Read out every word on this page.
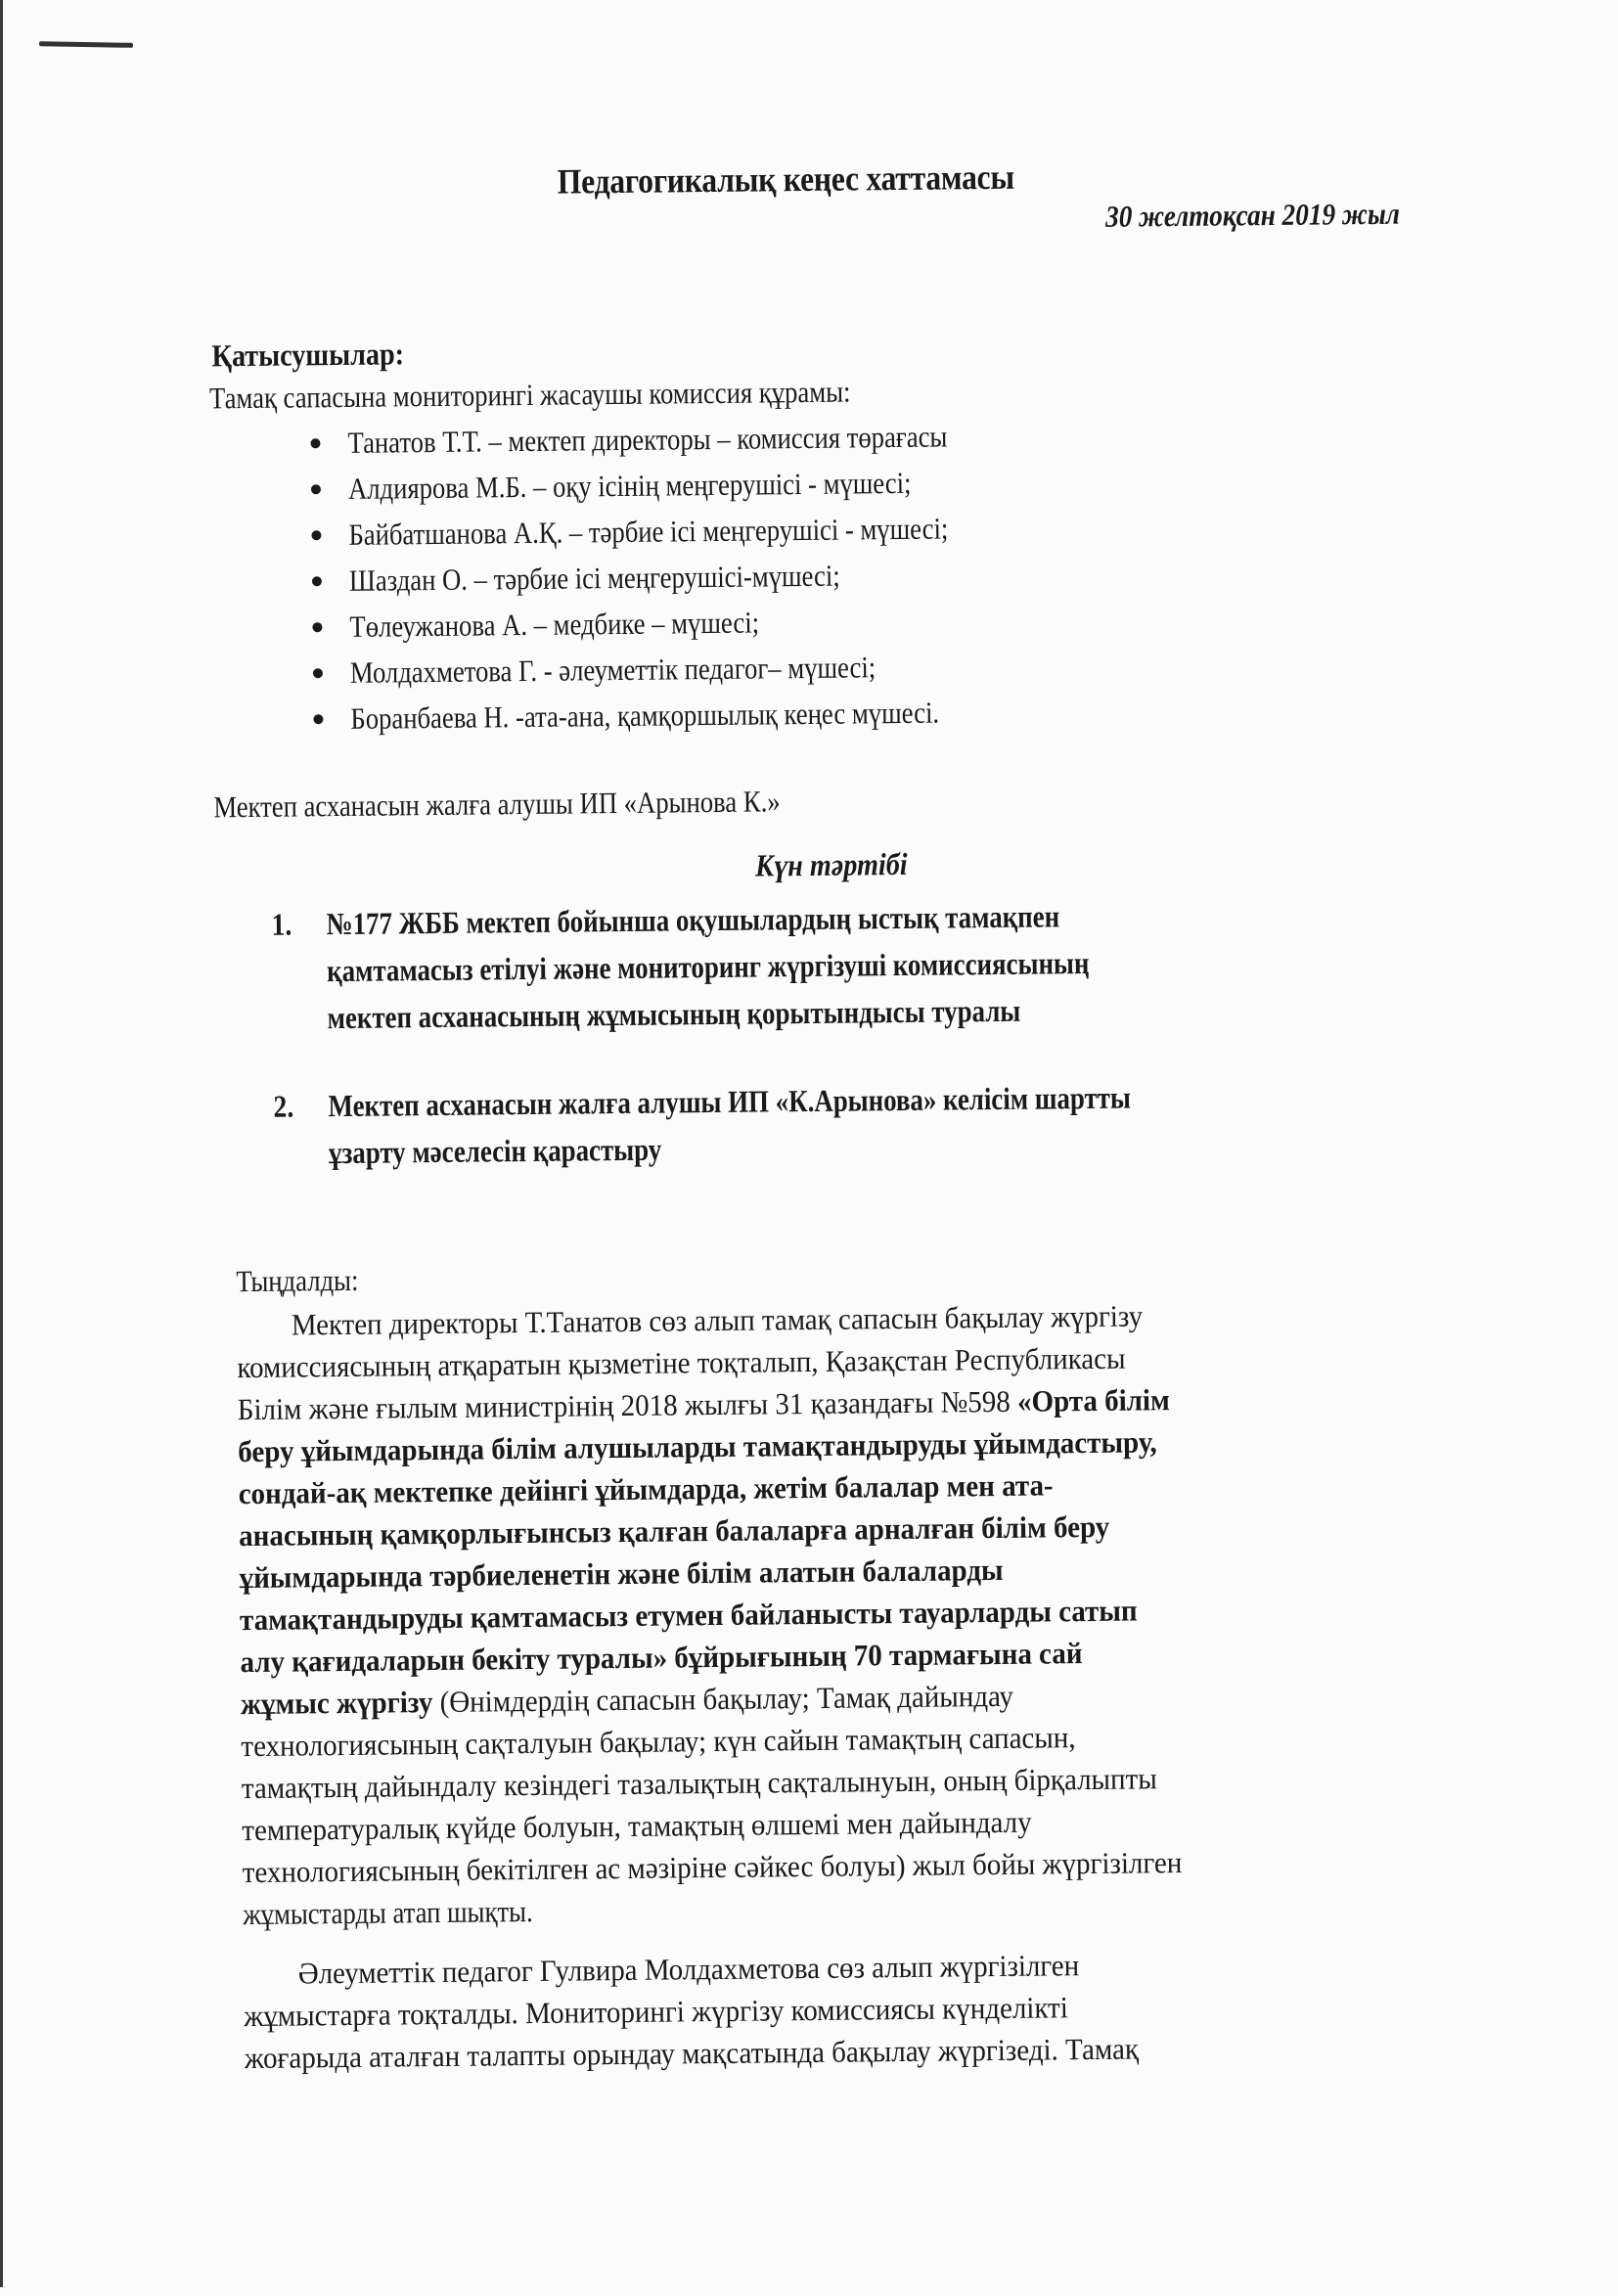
Педагогикалық кеңес хаттамасы
30 желтоқсан 2019 жыл
Қатысушылар:
Тамақ сапасына мониторингі жасаушы комиссия құрамы:
Танатов Т.Т. – мектеп директоры – комиссия төрағасы
Алдиярова М.Б. – оқу ісінің меңгерушісі - мүшесі;
Байбатшанова А.Қ. – тәрбие ісі меңгерушісі - мүшесі;
Шаздан О. – тәрбие ісі меңгерушісі-мүшесі;
Төлеужанова А. – медбике – мүшесі;
Молдахметова Г. - әлеуметтік педагог– мүшесі;
Боранбаева Н. -ата-ана, қамқоршылық кеңес мүшесі.
Мектеп асханасын жалға алушы ИП «Арынова К.»
Күн тәртібі
1.	№177 ЖББ мектеп бойынша оқушылардың ыстық тамақпен
қамтамасыз етілуі және мониторинг жүргізуші комиссиясының
мектеп асханасының жұмысының қорытындысы туралы
2.	Мектеп асханасын жалға алушы ИП «К.Арынова» келісім шартты
ұзарту мәселесін қарастыру
Тыңдалды:
Мектеп директоры Т.Танатов сөз алып тамақ сапасын бақылау жүргізу
комиссиясының атқаратын қызметіне тоқталып, Қазақстан Республикасы
Білім және ғылым министрінің 2018 жылғы 31 қазандағы №598 «Орта білім
беру ұйымдарында білім алушыларды тамақтандыруды ұйымдастыру,
сондай-ақ мектепке дейінгі ұйымдарда, жетім балалар мен ата-
анасының қамқорлығынсыз қалған балаларға арналған білім беру
ұйымдарында тәрбиеленетін және білім алатын балаларды
тамақтандыруды қамтамасыз етумен байланысты тауарларды сатып
алу қағидаларын бекіту туралы» бұйрығының 70 тармағына сай
жұмыс жүргізу (Өнімдердің сапасын бақылау; Тамақ дайындау
технологиясының сақталуын бақылау; күн сайын тамақтың сапасын,
тамақтың дайындалу кезіндегі тазалықтың сақталынуын, оның бірқалыпты
температуралық күйде болуын, тамақтың өлшемі мен дайындалу
технологиясының бекітілген ас мәзіріне сәйкес болуы) жыл бойы жүргізілген
жұмыстарды атап шықты.
Әлеуметтік педагог Гулвира Молдахметова сөз алып жүргізілген
жұмыстарға тоқталды. Мониторингі жүргізу комиссиясы күнделікті
жоғарыда аталған талапты орындау мақсатында бақылау жүргізеді. Тамақ
